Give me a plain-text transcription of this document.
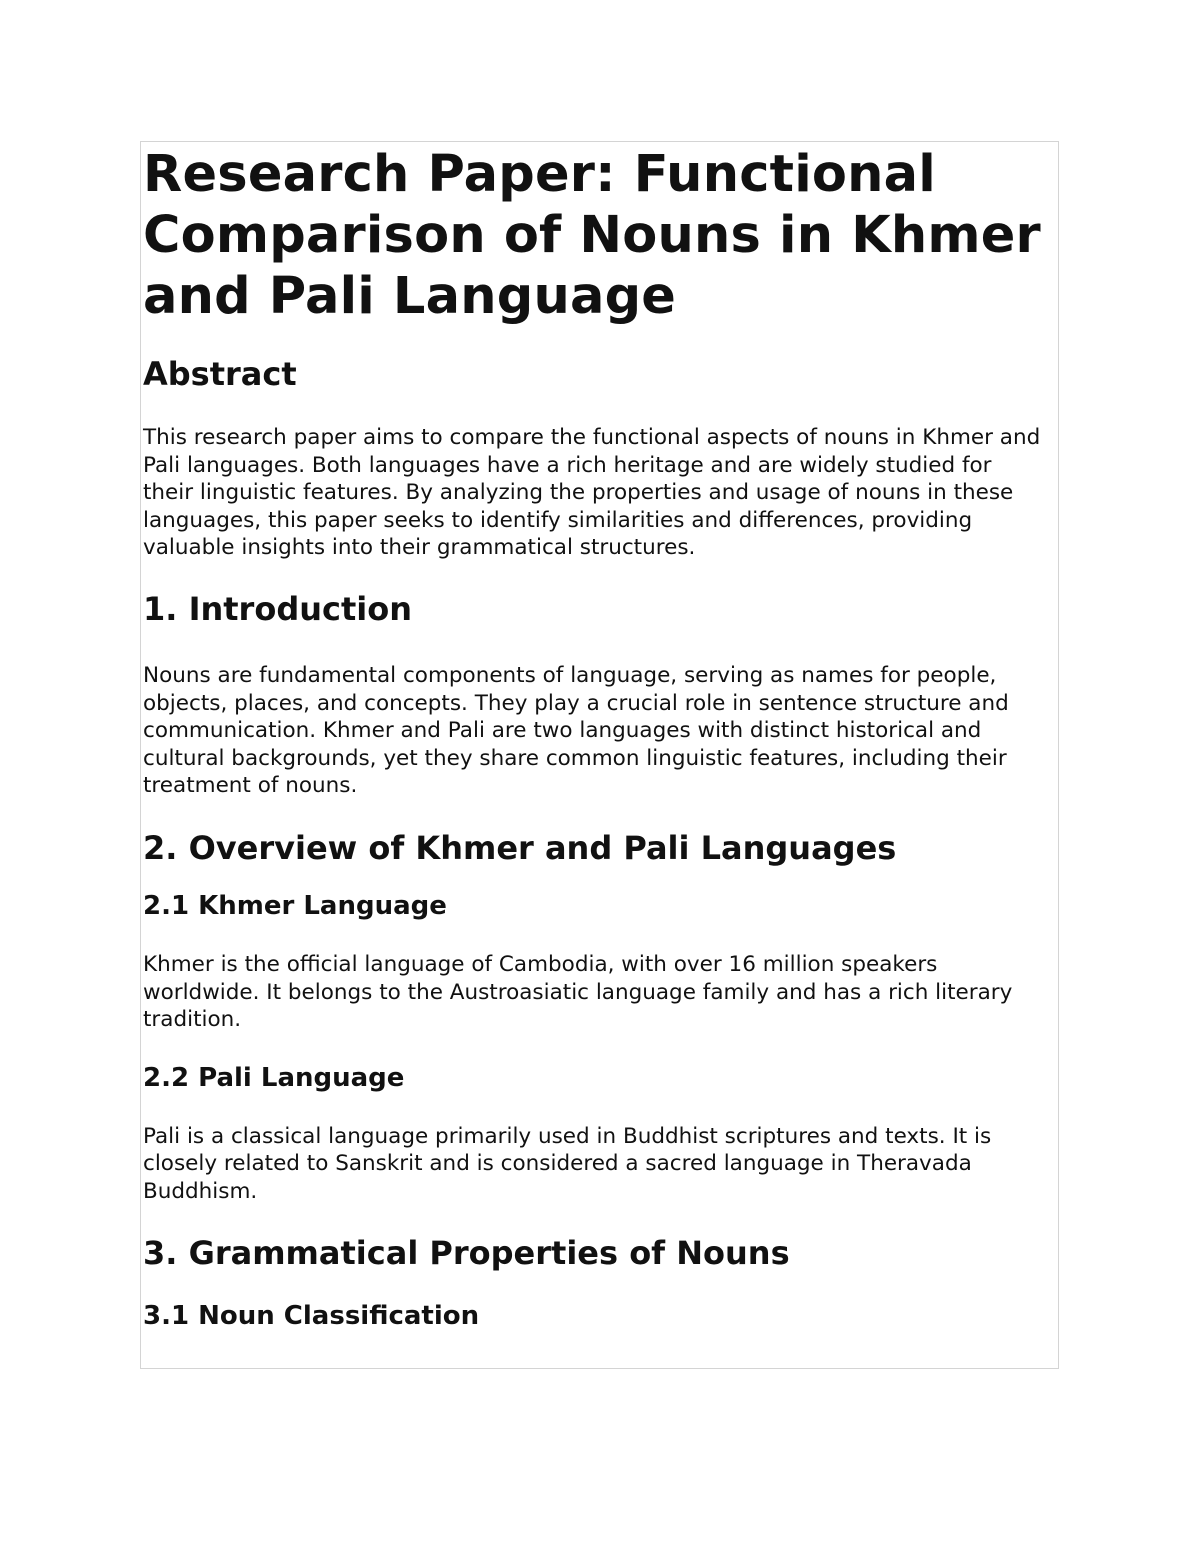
Research Paper: Functional Comparison of Nouns in Khmer and Pali Language
Abstract

This research paper aims to compare the functional aspects of nouns in Khmer and Pali languages. Both languages have a rich heritage and are widely studied for their linguistic features. By analyzing the properties and usage of nouns in these languages, this paper seeks to identify similarities and differences, providing valuable insights into their grammatical structures.

1. Introduction

Nouns are fundamental components of language, serving as names for people, objects, places, and concepts. They play a crucial role in sentence structure and communication. Khmer and Pali are two languages with distinct historical and cultural backgrounds, yet they share common linguistic features, including their treatment of nouns.

2. Overview of Khmer and Pali Languages
2.1 Khmer Language

Khmer is the official language of Cambodia, with over 16 million speakers worldwide. It belongs to the Austroasiatic language family and has a rich literary tradition.

2.2 Pali Language

Pali is a classical language primarily used in Buddhist scriptures and texts. It is closely related to Sanskrit and is considered a sacred language in Theravada Buddhism.

3. Grammatical Properties of Nouns
3.1 Noun Classification
